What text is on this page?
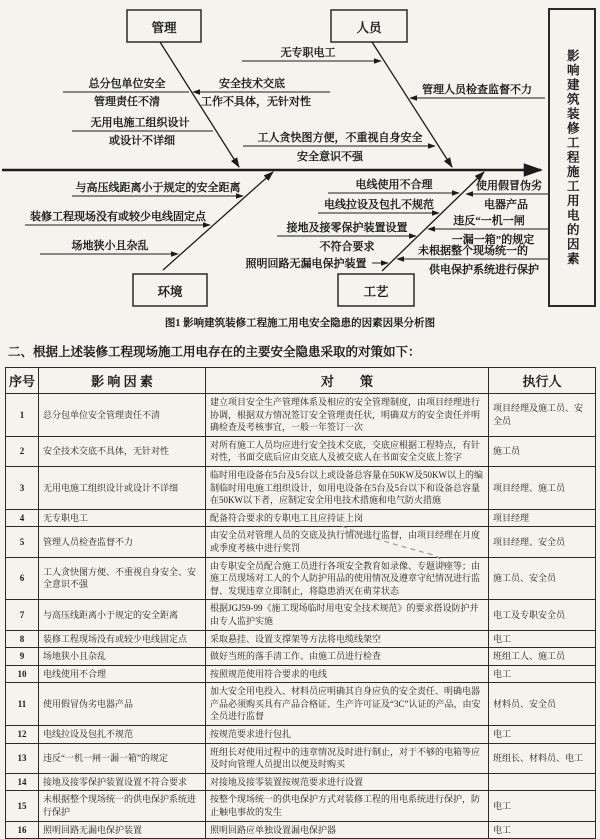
管理	人员
环境	工艺
总分包单位安全
管理责任不清
无用电施工组织设计
或设计不详细
安全技术交底
工作不具体，无针对性
无专职电工
管理人员检查监督不力
工人贪快图方便，不重视自身安全
安全意识不强
与高压线距离小于规定的安全距离
装修工程现场没有或较少电线固定点
场地狭小且杂乱
电线使用不合理
电线拉设及包扎不规范
接地及接零保护装置设置
不符合要求
照明回路无漏电保护装置
使用假冒伪劣
电器产品
违反“一机一闸
一漏一箱”的规定
未根据整个现场统一的
供电保护系统进行保护
影响建筑装修工程施工用电的因素
图1 影响建筑装修工程施工用电安全隐患的因素因果分析图
二、根据上述装修工程现场施工用电存在的主要安全隐患采取的对策如下：
序号	影 响 因 素	对　　策	执行人
1	总分包单位安全管理责任不清	建立项目安全生产管理体系及相应的安全管理制度，由项目经理进行协调，根据双方情况签订安全管理责任状，明确双方的安全责任并明确检查及考核事宜，一般一年签订一次	项目经理及施工员、安全员
2	安全技术交底不具体，无针对性	对所有施工人员均应进行安全技术交底，交底应根据工程特点，有针对性，书面交底后应由交底人及被交底人在书面安全交底上签字	施工员
3	无用电施工组织设计或设计不详细	临时用电设备在5台及5台以上或设备总容量在50KW及50KW以上的编制临时用电施工组织设计，如用电设备在5台及5台以下和设备总容量在50KW以下者，应制定安全用电技术措施和电气防火措施	项目经理、施工员
4	无专职电工	配备符合要求的专职电工且应持证上岗	项目经理
5	管理人员检查监督不力	由安全员对管理人员的交底及执行情况进行监督，由项目经理在月度或季度考核中进行奖罚	项目经理、安全员
6	工人贪快图方便、不重视自身安全、安全意识不强	由专职安全员配合施工员进行各项安全教育如录像、专题讲座等；由施工员现场对工人的个人防护用品的使用情况及遵章守纪情况进行监督、发现违章立即制止，将隐患消灭在萌芽状态	施工员、安全员
7	与高压线距离小于规定的安全距离	根据JGJ59-99《施工现场临时用电安全技术规范》的要求搭设防护并由专人监护实施	电工及专职安全员
8	装修工程现场没有或较少电线固定点	采取悬挂、设置支撑架等方法将电缆线架空	电工
9	场地狭小且杂乱	做好当班的落手清工作、由施工员进行检查	班组工人、施工员
10	电线使用不合理	按照规范使用符合要求的电线	电工
11	使用假冒伪劣电器产品	加大安全用电投入、材料员应明确其自身应负的安全责任、明确电器产品必须购买具有产品合格证、生产许可证及“3C”认证的产品，由安全员进行监督	材料员、安全员
12	电线拉设及包扎不规范	按规范要求进行包扎	电工
13	违反“一机一闸一漏一箱”的规定	班组长对使用过程中的违章情况及时进行制止，对于不够的电箱等应及时向管理人员提出以便及时购买	班组长、材料员、电工
14	接地及接零保护装置设置不符合要求	对接地及接零装置按规范要求进行设置	
15	未根据整个现场统一的供电保护系统进行保护	按整个现场统一的供电保护方式对装修工程的用电系统进行保护，防止触电事故的发生	电工
16	照明回路无漏电保护装置	照明回路应单独设置漏电保护器	电工
